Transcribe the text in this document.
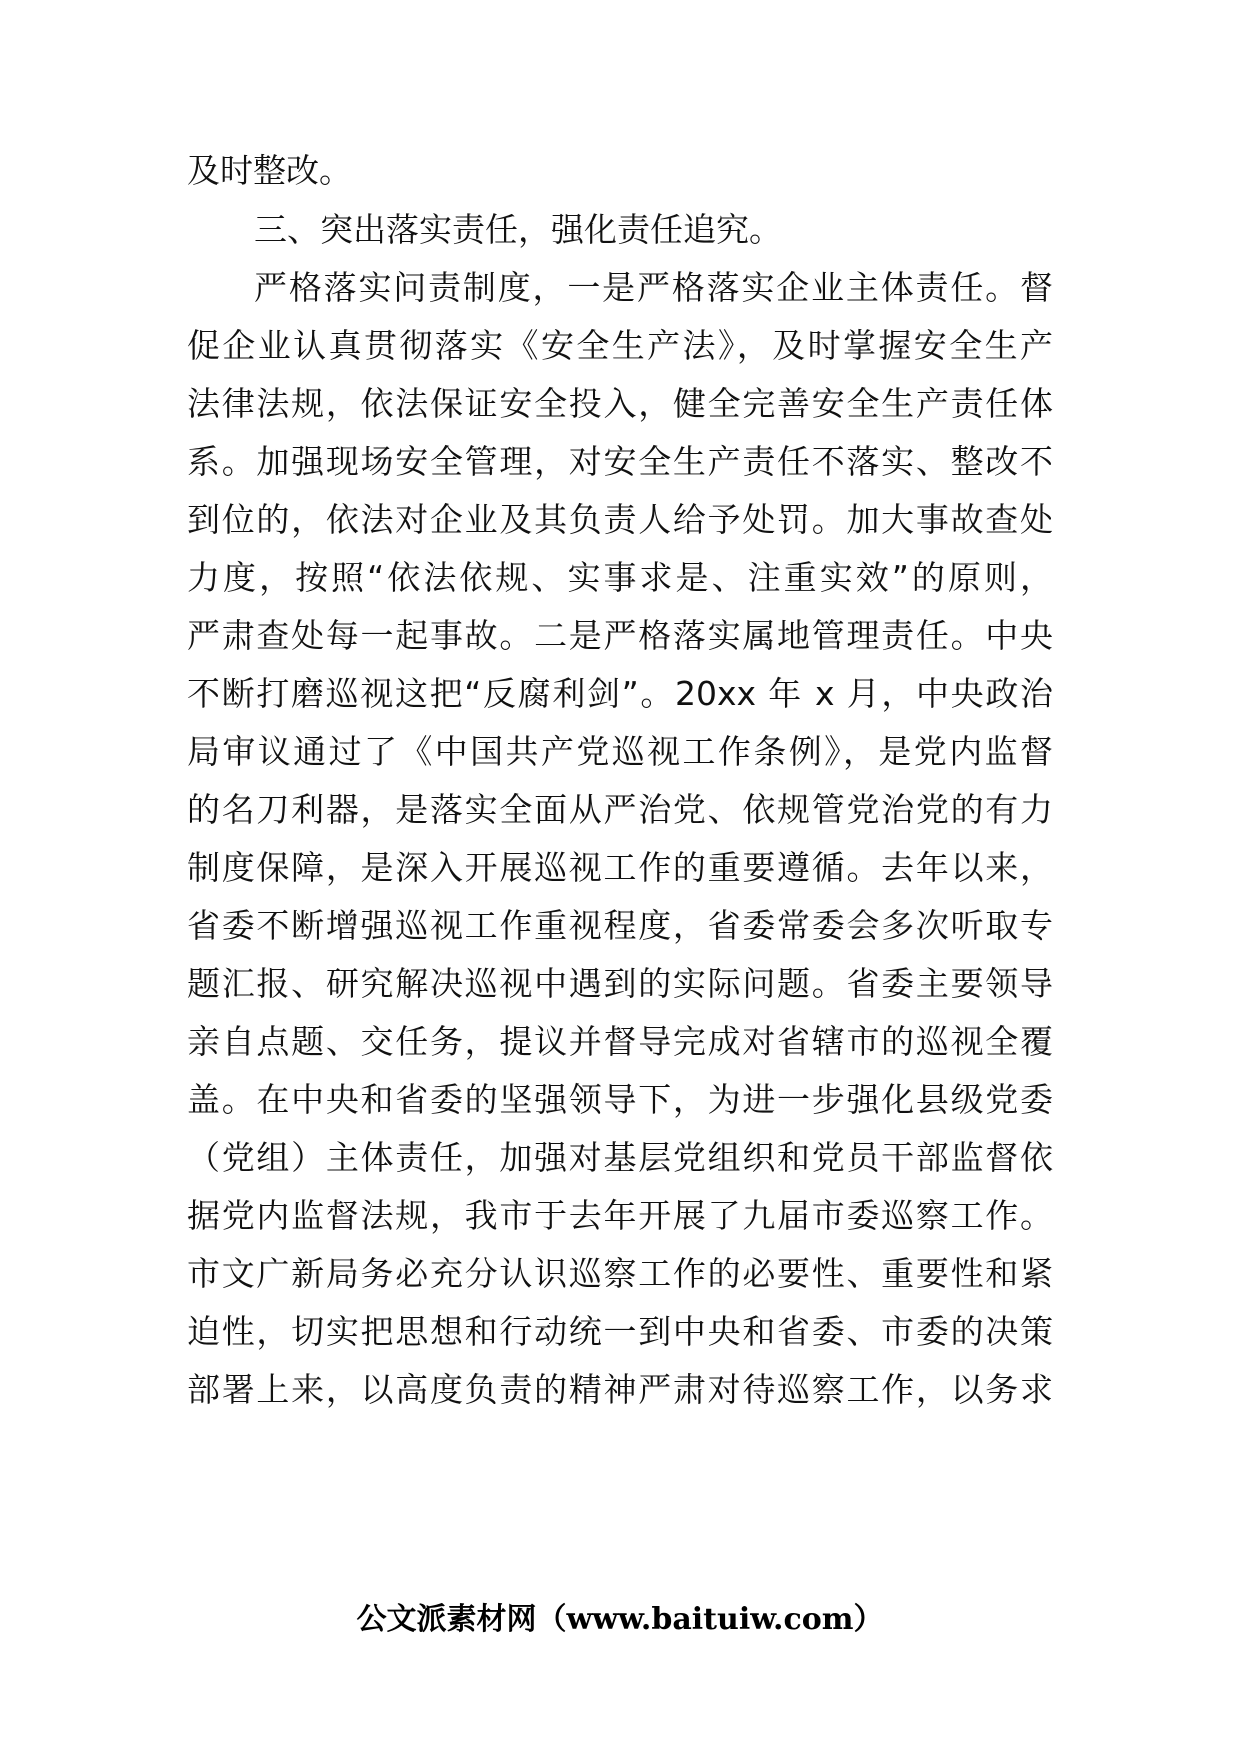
及时整改。
三、突出落实责任，强化责任追究。
严格落实问责制度，一是严格落实企业主体责任。督
促企业认真贯彻落实《安全生产法》，及时掌握安全生产
法律法规，依法保证安全投入，健全完善安全生产责任体
系。加强现场安全管理，对安全生产责任不落实、整改不
到位的，依法对企业及其负责人给予处罚。加大事故查处
力度，按照“依法依规、实事求是、注重实效”的原则，
严肃查处每一起事故。二是严格落实属地管理责任。中央
不断打磨巡视这把“反腐利剑”。20xx 年 x 月，中央政治
局审议通过了《中国共产党巡视工作条例》，是党内监督
的名刀利器，是落实全面从严治党、依规管党治党的有力
制度保障，是深入开展巡视工作的重要遵循。去年以来，
省委不断增强巡视工作重视程度，省委常委会多次听取专
题汇报、研究解决巡视中遇到的实际问题。省委主要领导
亲自点题、交任务，提议并督导完成对省辖市的巡视全覆
盖。在中央和省委的坚强领导下，为进一步强化县级党委
（党组）主体责任，加强对基层党组织和党员干部监督依
据党内监督法规，我市于去年开展了九届市委巡察工作。
市文广新局务必充分认识巡察工作的必要性、重要性和紧
迫性，切实把思想和行动统一到中央和省委、市委的决策
部署上来，以高度负责的精神严肃对待巡察工作，以务求
公文派素材网（www.baituiw.com）
